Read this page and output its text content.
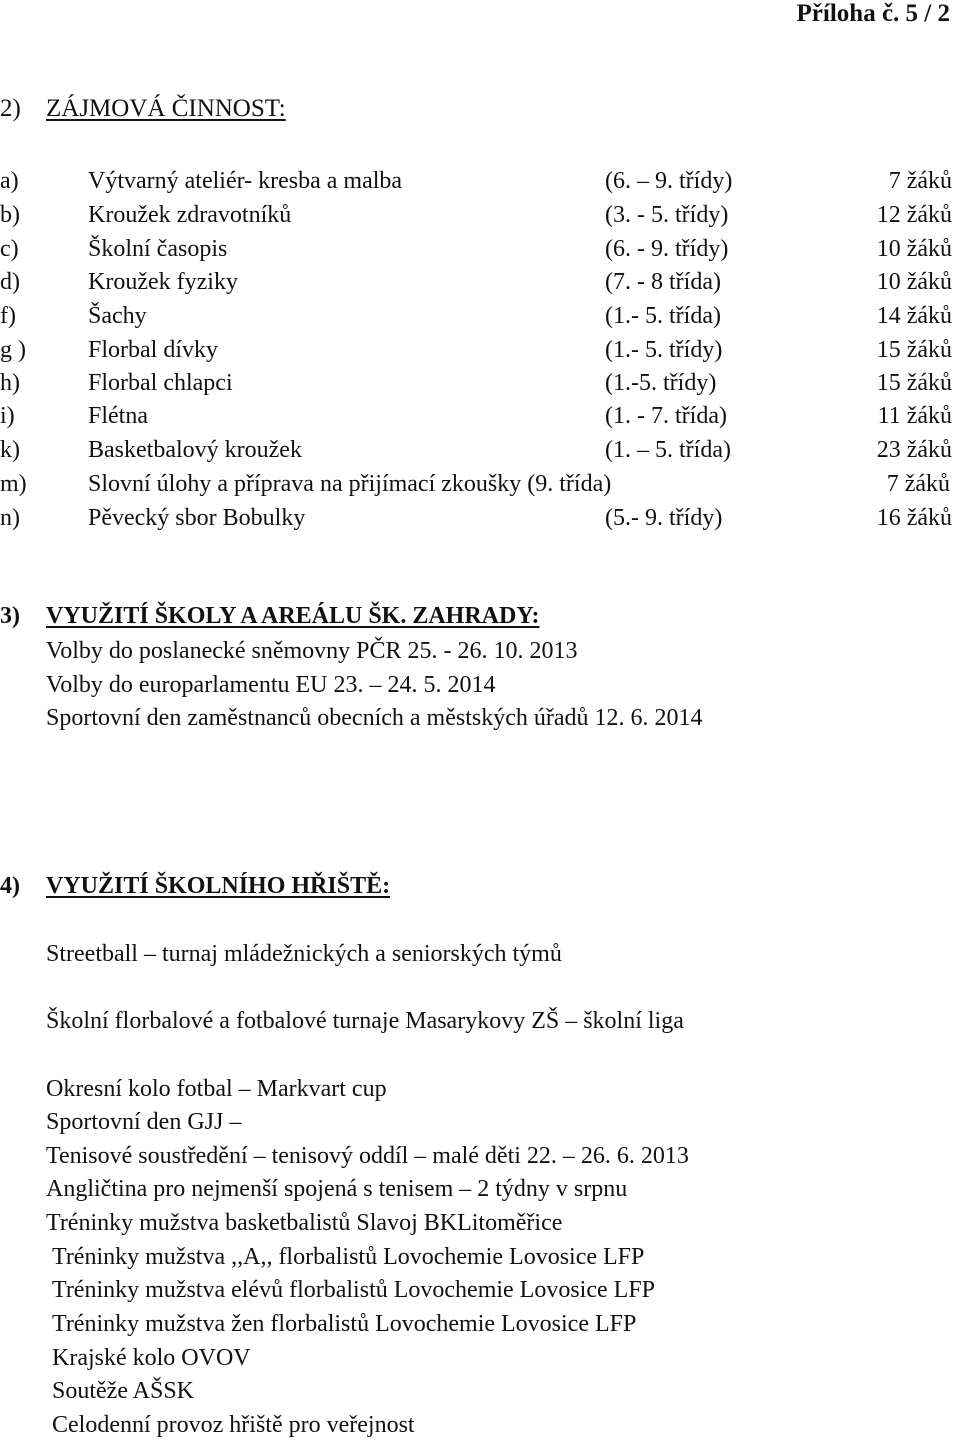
Příloha č. 5 / 2
2) ZÁJMOVÁ ČINNOST:
a)	Výtvarný ateliér- kresba a malba	(6. – 9. třídy)	7 žáků
b)	Kroužek zdravotníků	(3. - 5. třídy)	12 žáků
c)	Školní časopis	(6. - 9. třídy)	10 žáků
d)	Kroužek fyziky	(7. - 8 třída)	10 žáků
f)	Šachy	(1.- 5. třída)	14 žáků
g )	Florbal dívky	(1.- 5. třídy)	15 žáků
h)	Florbal chlapci	(1.-5. třídy)	15 žáků
i)	Flétna	(1. - 7. třída)	11 žáků
k)	Basketbalový kroužek	(1. – 5. třída)	23 žáků
m)	Slovní úlohy a příprava na přijímací zkoušky (9. třída)	7 žáků
n)	Pěvecký sbor Bobulky	(5.- 9. třídy)	16 žáků
3) VYUŽITÍ ŠKOLY A AREÁLU ŠK. ZAHRADY:
Volby do poslanecké sněmovny PČR 25. - 26. 10. 2013
Volby do europarlamentu EU 23. – 24. 5. 2014
Sportovní den zaměstnanců obecních a městských úřadů 12. 6. 2014
4) VYUŽITÍ ŠKOLNÍHO HŘIŠTĚ:
Streetball – turnaj mládežnických a seniorských týmů
Školní florbalové a fotbalové turnaje Masarykovy ZŠ – školní liga
Okresní kolo fotbal – Markvart cup
Sportovní den GJJ –
Tenisové soustředění – tenisový oddíl – malé děti 22. – 26. 6. 2013
Angličtina pro nejmenší spojená s tenisem – 2 týdny v srpnu
Tréninky mužstva basketbalistů Slavoj BKLitoměřice
Tréninky mužstva ,,A,, florbalistů Lovochemie Lovosice LFP
Tréninky mužstva elévů florbalistů Lovochemie Lovosice LFP
Tréninky mužstva žen florbalistů Lovochemie Lovosice LFP
Krajské kolo OVOV
Soutěže AŠSK
Celodenní provoz hřiště pro veřejnost
